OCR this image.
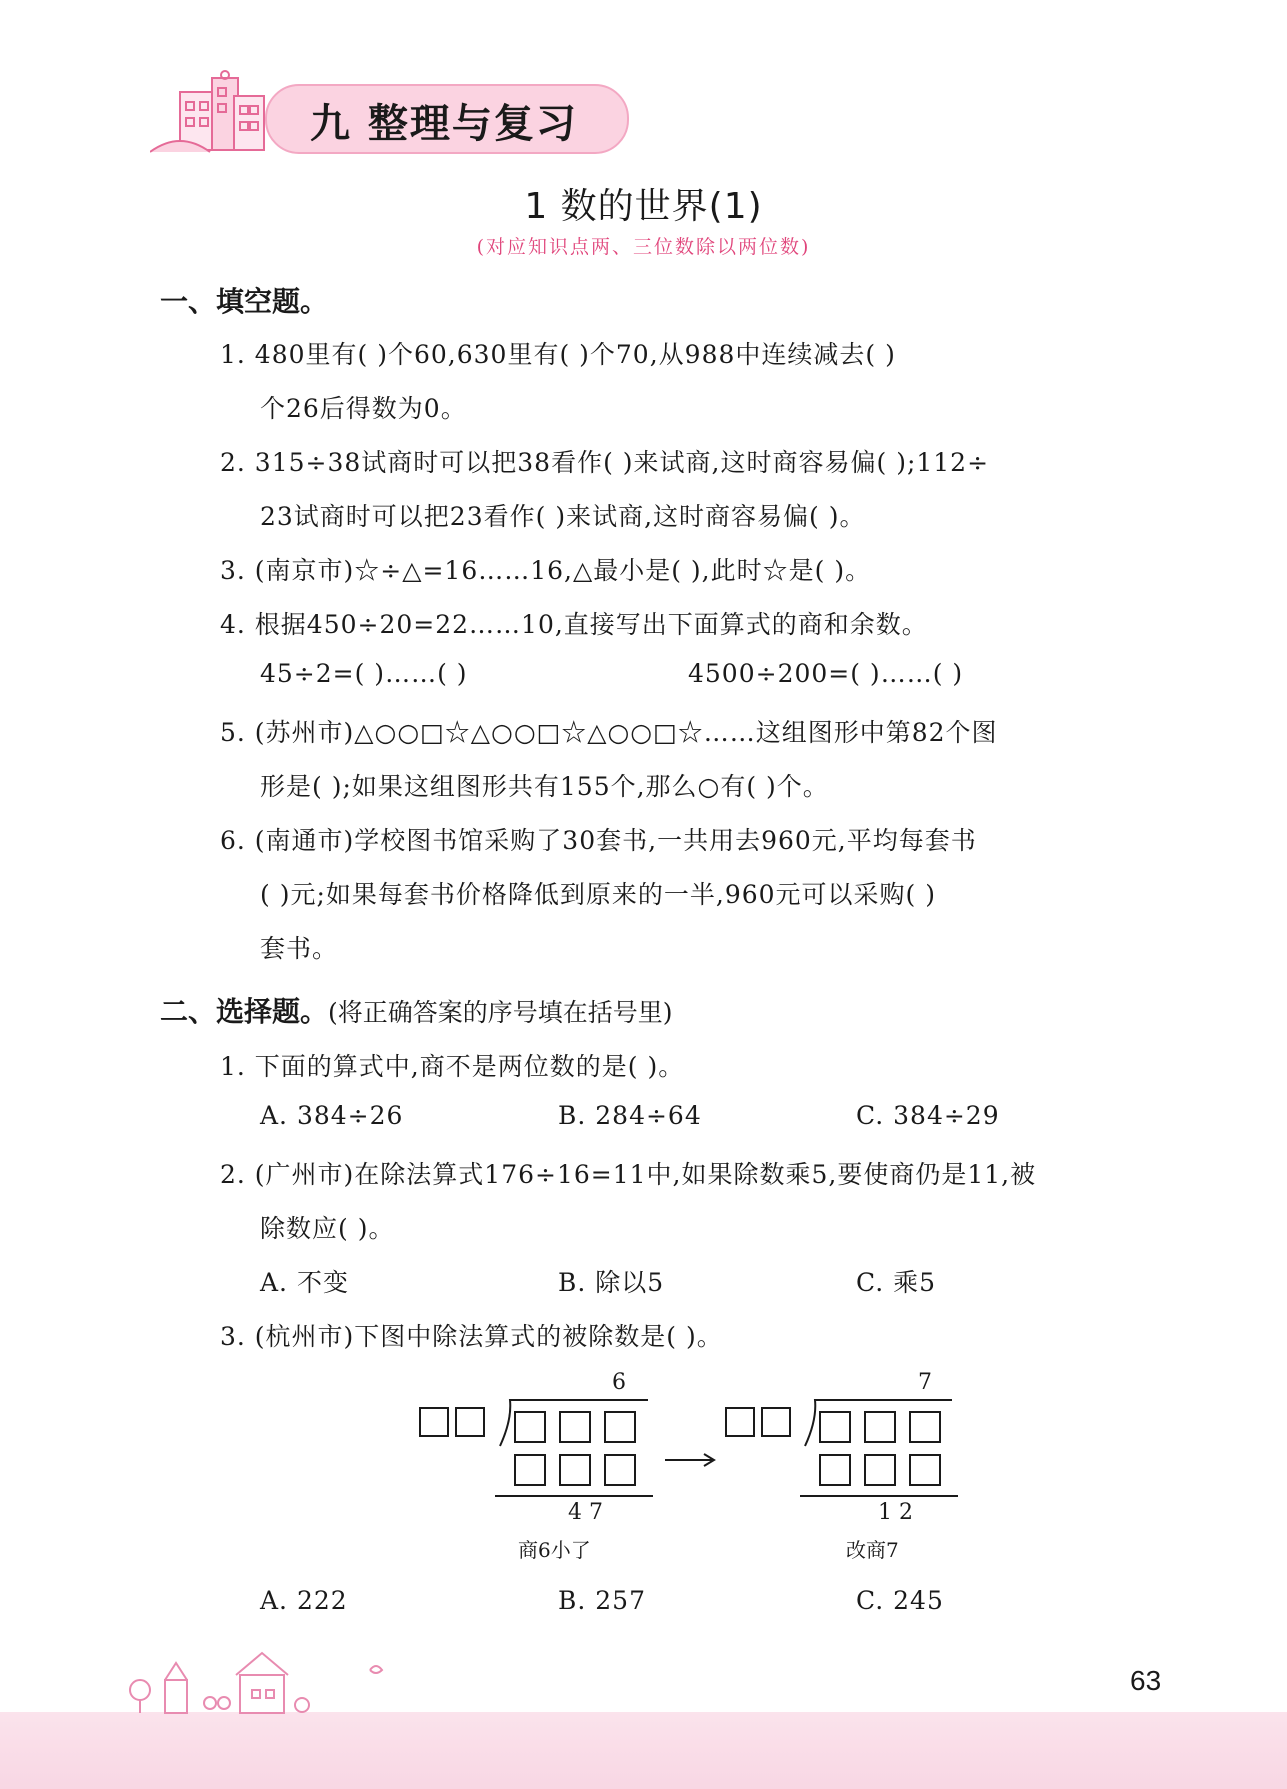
九 整理与复习
1 数的世界(1)
(对应知识点两、三位数除以两位数)
一、填空题。
1. 480里有( )个60,630里有( )个70,从988中连续减去( )
个26后得数为0。
2. 315÷38试商时可以把38看作( )来试商,这时商容易偏( );112÷
23试商时可以把23看作( )来试商,这时商容易偏( )。
3. (南京市)☆÷△=16……16,△最小是( ),此时☆是( )。
4. 根据450÷20=22……10,直接写出下面算式的商和余数。
45÷2=( )……( )	4500÷200=( )……( )
5. (苏州市)△○○□☆△○○□☆△○○□☆……这组图形中第82个图
形是( );如果这组图形共有155个,那么○有( )个。
6. (南通市)学校图书馆采购了30套书,一共用去960元,平均每套书
( )元;如果每套书价格降低到原来的一半,960元可以采购( )
套书。
二、选择题。(将正确答案的序号填在括号里)
1. 下面的算式中,商不是两位数的是( )。
A. 384÷26	B. 284÷64	C. 384÷29
2. (广州市)在除法算式176÷16=11中,如果除数乘5,要使商仍是11,被
除数应( )。
A. 不变	B. 除以5	C. 乘5
3. (杭州市)下图中除法算式的被除数是( )。
6
4 7
商6小了
7
1 2
改商7
A. 222	B. 257	C. 245
63
